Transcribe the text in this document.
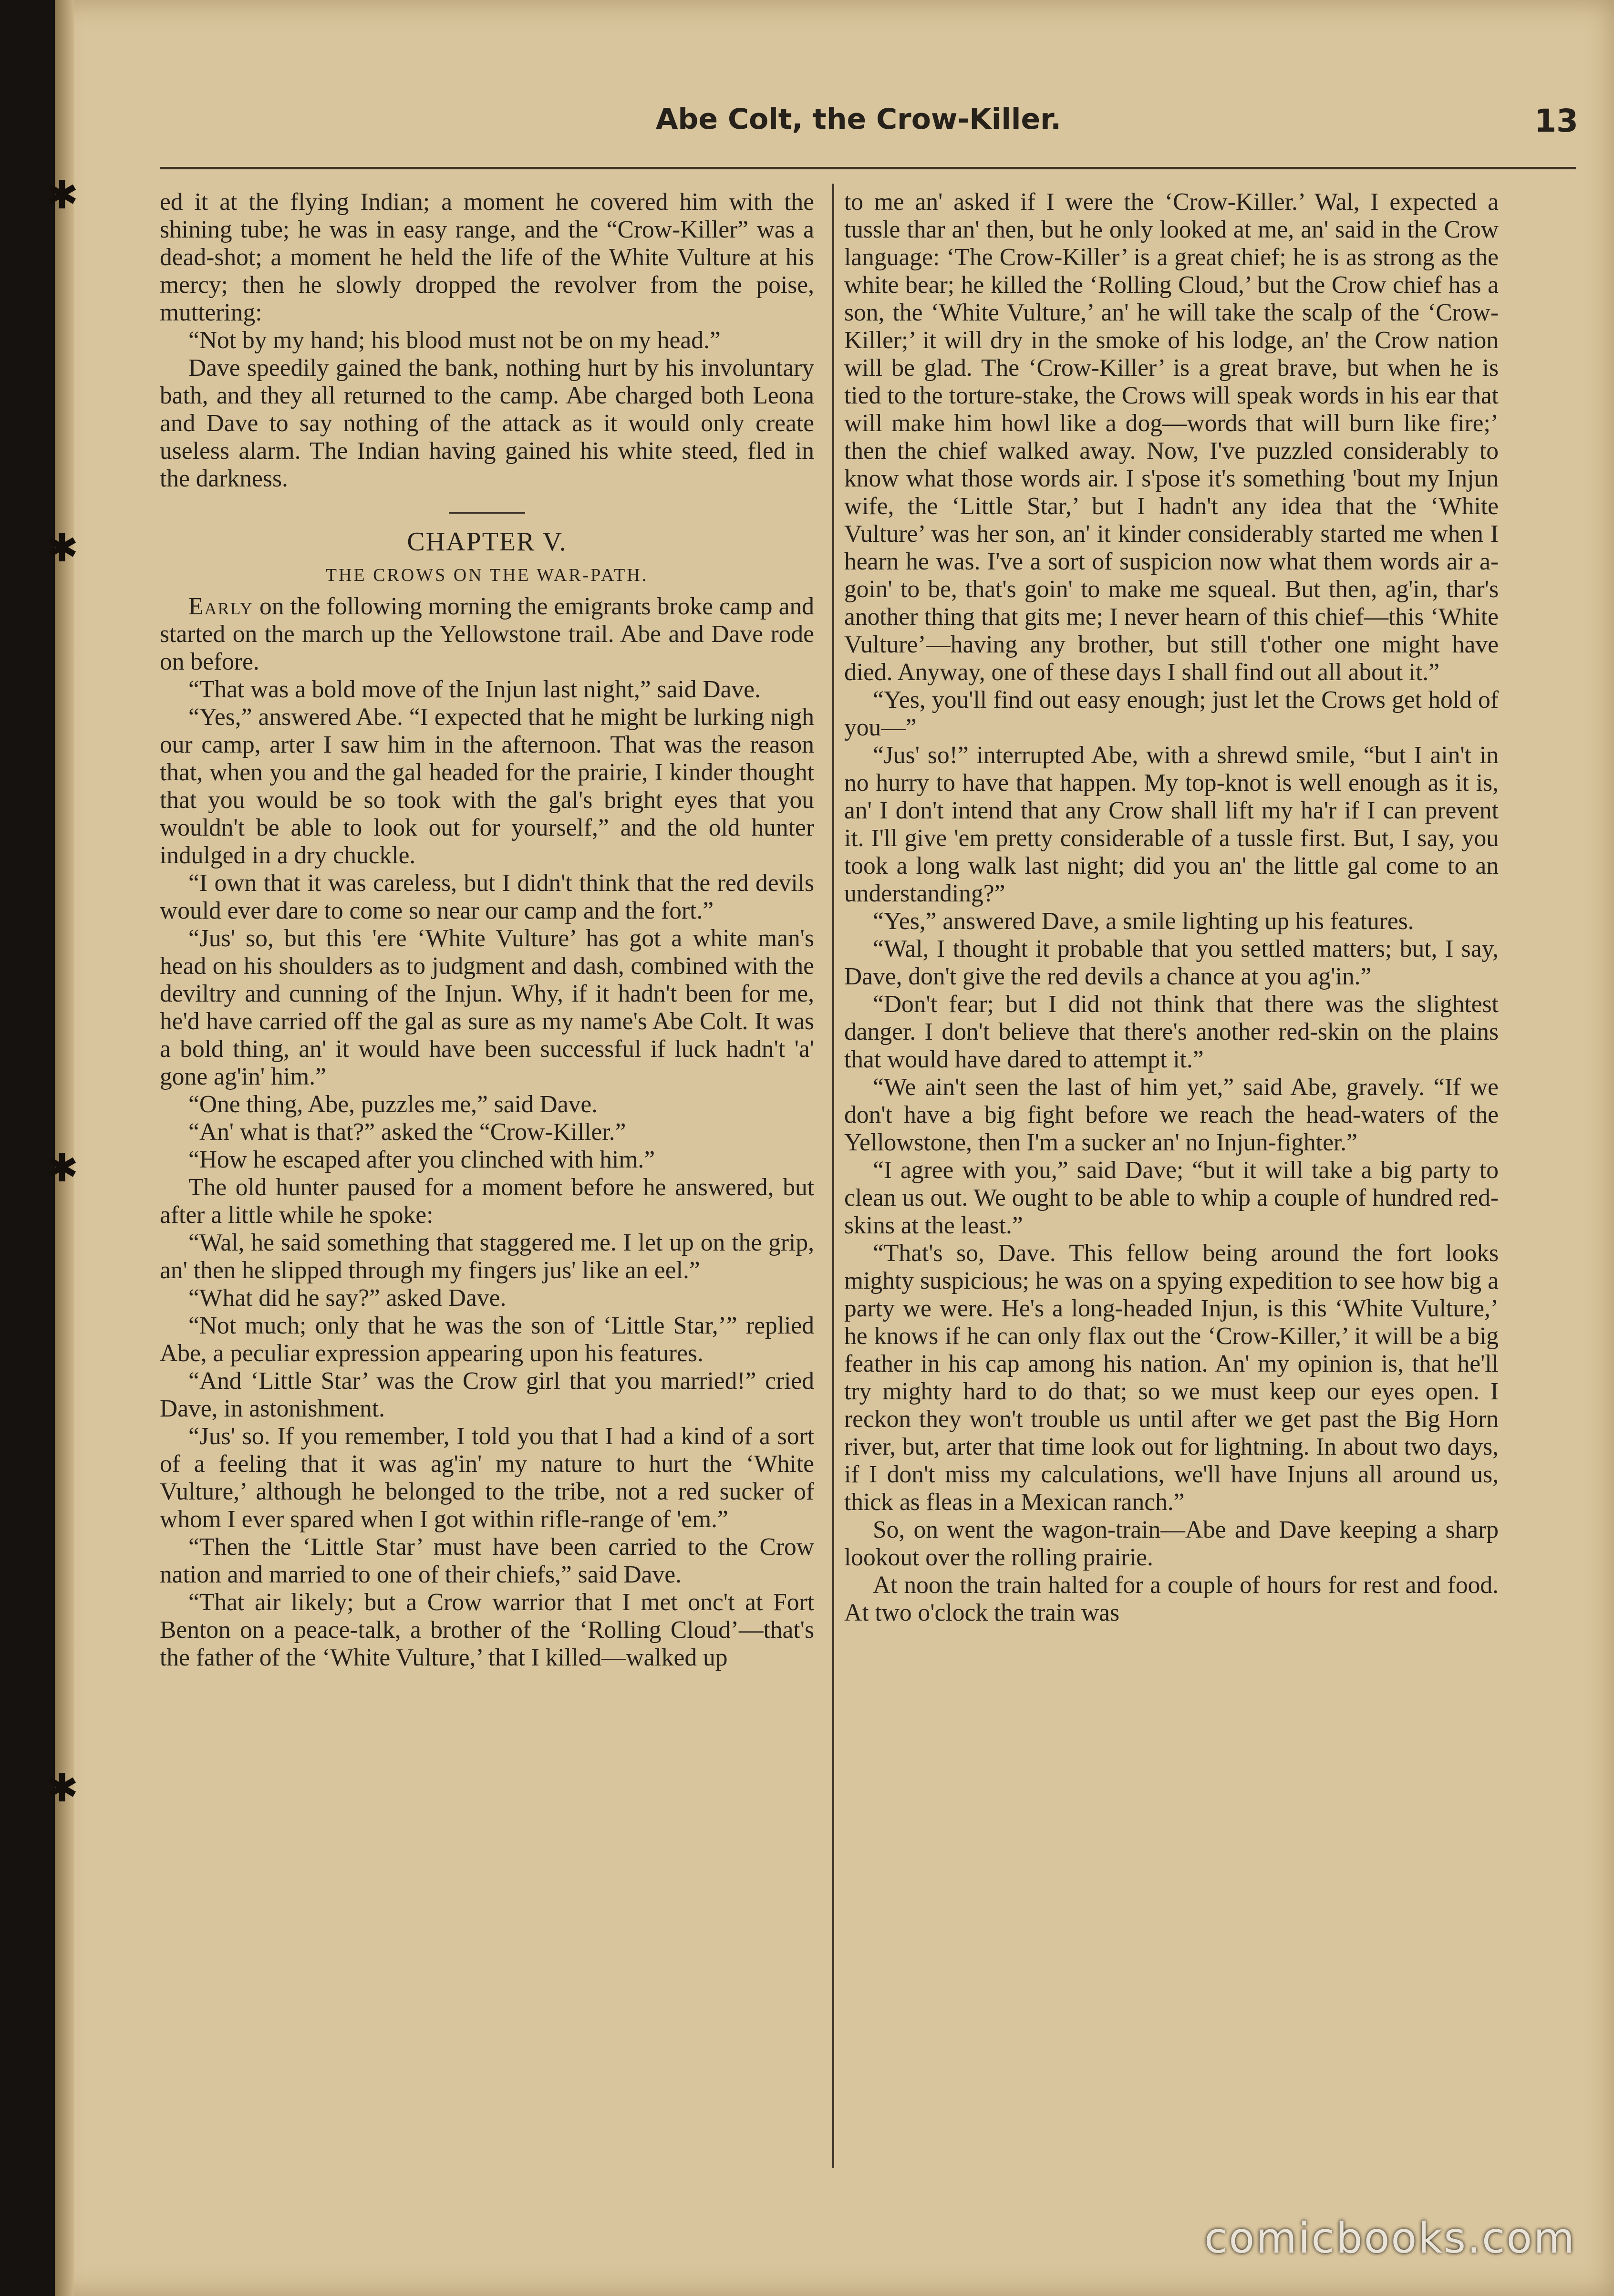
✱
✱
✱
✱
Abe Colt, the Crow-Killer.	13

ed it at the flying Indian; a moment he covered him with the shining tube; he was in easy range, and the “Crow-Killer” was a dead-shot; a moment he held the life of the White Vulture at his mercy; then he slowly dropped the revolver from the poise, muttering:

“Not by my hand; his blood must not be on my head.”

Dave speedily gained the bank, nothing hurt by his involuntary bath, and they all returned to the camp. Abe charged both Leona and Dave to say nothing of the attack as it would only create useless alarm. The Indian having gained his white steed, fled in the darkness.

CHAPTER V.
THE CROWS ON THE WAR-PATH.

Early on the following morning the emigrants broke camp and started on the march up the Yellowstone trail. Abe and Dave rode on before.

“That was a bold move of the Injun last night,” said Dave.

“Yes,” answered Abe. “I expected that he might be lurking nigh our camp, arter I saw him in the afternoon. That was the reason that, when you and the gal headed for the prairie, I kinder thought that you would be so took with the gal's bright eyes that you wouldn't be able to look out for yourself,” and the old hunter indulged in a dry chuckle.

“I own that it was careless, but I didn't think that the red devils would ever dare to come so near our camp and the fort.”

“Jus' so, but this 'ere ‘White Vulture’ has got a white man's head on his shoulders as to judgment and dash, combined with the deviltry and cunning of the Injun. Why, if it hadn't been for me, he'd have carried off the gal as sure as my name's Abe Colt. It was a bold thing, an' it would have been successful if luck hadn't 'a' gone ag'in' him.”

“One thing, Abe, puzzles me,” said Dave.

“An' what is that?” asked the “Crow-Killer.”

“How he escaped after you clinched with him.”

The old hunter paused for a moment before he answered, but after a little while he spoke:

“Wal, he said something that staggered me. I let up on the grip, an' then he slipped through my fingers jus' like an eel.”

“What did he say?” asked Dave.

“Not much; only that he was the son of ‘Little Star,’” replied Abe, a peculiar expression appearing upon his features.

“And ‘Little Star’ was the Crow girl that you married!” cried Dave, in astonishment.

“Jus' so. If you remember, I told you that I had a kind of a sort of a feeling that it was ag'in' my nature to hurt the ‘White Vulture,’ although he belonged to the tribe, not a red sucker of whom I ever spared when I got within rifle-range of 'em.”

“Then the ‘Little Star’ must have been carried to the Crow nation and married to one of their chiefs,” said Dave.

“That air likely; but a Crow warrior that I met onc't at Fort Benton on a peace-talk, a brother of the ‘Rolling Cloud’—that's the father of the ‘White Vulture,’ that I killed—walked up

to me an' asked if I were the ‘Crow-Killer.’ Wal, I expected a tussle thar an' then, but he only looked at me, an' said in the Crow language: ‘The Crow-Killer’ is a great chief; he is as strong as the white bear; he killed the ‘Rolling Cloud,’ but the Crow chief has a son, the ‘White Vulture,’ an' he will take the scalp of the ‘Crow-Killer;’ it will dry in the smoke of his lodge, an' the Crow nation will be glad. The ‘Crow-Killer’ is a great brave, but when he is tied to the torture-stake, the Crows will speak words in his ear that will make him howl like a dog—words that will burn like fire;’ then the chief walked away. Now, I've puzzled considerably to know what those words air. I s'pose it's something 'bout my Injun wife, the ‘Little Star,’ but I hadn't any idea that the ‘White Vulture’ was her son, an' it kinder considerably started me when I hearn he was. I've a sort of suspicion now what them words air a-goin' to be, that's goin' to make me squeal. But then, ag'in, thar's another thing that gits me; I never hearn of this chief—this ‘White Vulture’—having any brother, but still t'other one might have died. Anyway, one of these days I shall find out all about it.”

“Yes, you'll find out easy enough; just let the Crows get hold of you—”

“Jus' so!” interrupted Abe, with a shrewd smile, “but I ain't in no hurry to have that happen. My top-knot is well enough as it is, an' I don't intend that any Crow shall lift my ha'r if I can prevent it. I'll give 'em pretty considerable of a tussle first. But, I say, you took a long walk last night; did you an' the little gal come to an understanding?”

“Yes,” answered Dave, a smile lighting up his features.

“Wal, I thought it probable that you settled matters; but, I say, Dave, don't give the red devils a chance at you ag'in.”

“Don't fear; but I did not think that there was the slightest danger. I don't believe that there's another red-skin on the plains that would have dared to attempt it.”

“We ain't seen the last of him yet,” said Abe, gravely. “If we don't have a big fight before we reach the head-waters of the Yellowstone, then I'm a sucker an' no Injun-fighter.”

“I agree with you,” said Dave; “but it will take a big party to clean us out. We ought to be able to whip a couple of hundred red-skins at the least.”

“That's so, Dave. This fellow being around the fort looks mighty suspicious; he was on a spying expedition to see how big a party we were. He's a long-headed Injun, is this ‘White Vulture,’ he knows if he can only flax out the ‘Crow-Killer,’ it will be a big feather in his cap among his nation. An' my opinion is, that he'll try mighty hard to do that; so we must keep our eyes open. I reckon they won't trouble us until after we get past the Big Horn river, but, arter that time look out for lightning. In about two days, if I don't miss my calculations, we'll have Injuns all around us, thick as fleas in a Mexican ranch.”

So, on went the wagon-train—Abe and Dave keeping a sharp lookout over the rolling prairie.

At noon the train halted for a couple of hours for rest and food. At two o'clock the train was

comicbooks.com
